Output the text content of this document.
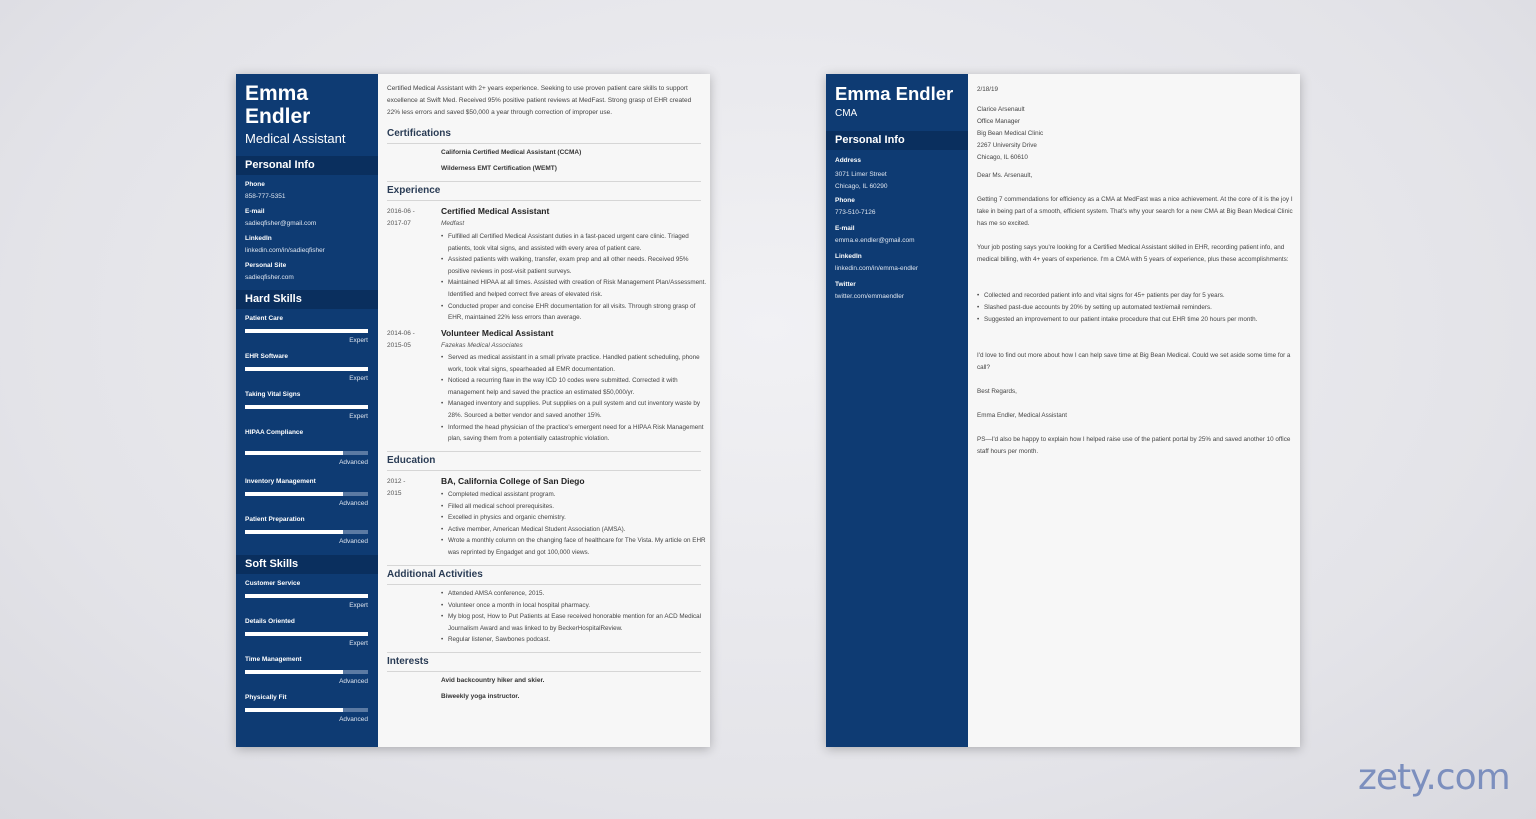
Emma
Endler
Medical Assistant
Personal Info
Phone
858-777-5351
E-mail
sadieqfisher@gmail.com
LinkedIn
linkedin.com/in/sadieqfisher
Personal Site
sadieqfisher.com
Hard Skills
Patient Care
Expert
EHR Software
Expert
Taking Vital Signs
Expert
HIPAA Compliance
Advanced
Inventory Management
Advanced
Patient Preparation
Advanced
Soft Skills
Customer Service
Expert
Details Oriented
Expert
Time Management
Advanced
Physically Fit
Advanced
Certified Medical Assistant with 2+ years experience. Seeking to use proven patient care skills to support excellence at Swift Med. Received 95% positive patient reviews at MedFast. Strong grasp of EHR created 22% less errors and saved $50,000 a year through correction of improper use.
Certifications
California Certified Medical Assistant (CCMA)
Wilderness EMT Certification (WEMT)
Experience
2016-06 -
2017-07
Certified Medical Assistant
Medfast
• Fulfilled all Certified Medical Assistant duties in a fast-paced urgent care clinic. Triaged patients, took vital signs, and assisted with every area of patient care.
• Assisted patients with walking, transfer, exam prep and all other needs. Received 95% positive reviews in post-visit patient surveys.
• Maintained HIPAA at all times. Assisted with creation of Risk Management Plan/Assessment. Identified and helped correct five areas of elevated risk.
• Conducted proper and concise EHR documentation for all visits. Through strong grasp of EHR, maintained 22% less errors than average.
2014-06 -
2015-05
Volunteer Medical Assistant
Fazekas Medical Associates
• Served as medical assistant in a small private practice. Handled patient scheduling, phone work, took vital signs, spearheaded all EMR documentation.
• Noticed a recurring flaw in the way ICD 10 codes were submitted. Corrected it with management help and saved the practice an estimated $50,000/yr.
• Managed inventory and supplies. Put supplies on a pull system and cut inventory waste by 28%. Sourced a better vendor and saved another 15%.
• Informed the head physician of the practice's emergent need for a HIPAA Risk Management plan, saving them from a potentially catastrophic violation.
Education
2012 -
2015
BA, California College of San Diego
• Completed medical assistant program.
• Filled all medical school prerequisites.
• Excelled in physics and organic chemistry.
• Active member, American Medical Student Association (AMSA).
• Wrote a monthly column on the changing face of healthcare for The Vista. My article on EHR was reprinted by Engadget and got 100,000 views.
Additional Activities
• Attended AMSA conference, 2015.
• Volunteer once a month in local hospital pharmacy.
• My blog post, How to Put Patients at Ease received honorable mention for an ACD Medical Journalism Award and was linked to by BeckerHospitalReview.
• Regular listener, Sawbones podcast.
Interests
Avid backcountry hiker and skier.
Biweekly yoga instructor.
Emma Endler
CMA
Personal Info
Address
3071 Limer Street
Chicago, IL 60290
Phone
773-510-7126
E-mail
emma.e.endler@gmail.com
LinkedIn
linkedin.com/in/emma-endler
Twitter
twitter.com/emmaendler
2/18/19
Clarice Arsenault
Office Manager
Big Bean Medical Clinic
2267 University Drive
Chicago, IL 60610
Dear Ms. Arsenault,
Getting 7 commendations for efficiency as a CMA at MedFast was a nice achievement. At the core of it is the joy I take in being part of a smooth, efficient system. That's why your search for a new CMA at Big Bean Medical Clinic has me so excited.
Your job posting says you're looking for a Certified Medical Assistant skilled in EHR, recording patient info, and medical billing, with 4+ years of experience. I'm a CMA with 5 years of experience, plus these accomplishments:
• Collected and recorded patient info and vital signs for 45+ patients per day for 5 years.
• Slashed past-due accounts by 20% by setting up automated text/email reminders.
• Suggested an improvement to our patient intake procedure that cut EHR time 20 hours per month.
I'd love to find out more about how I can help save time at Big Bean Medical. Could we set aside some time for a call?
Best Regards,
Emma Endler, Medical Assistant
PS—I'd also be happy to explain how I helped raise use of the patient portal by 25% and saved another 10 office staff hours per month.
zety.com
